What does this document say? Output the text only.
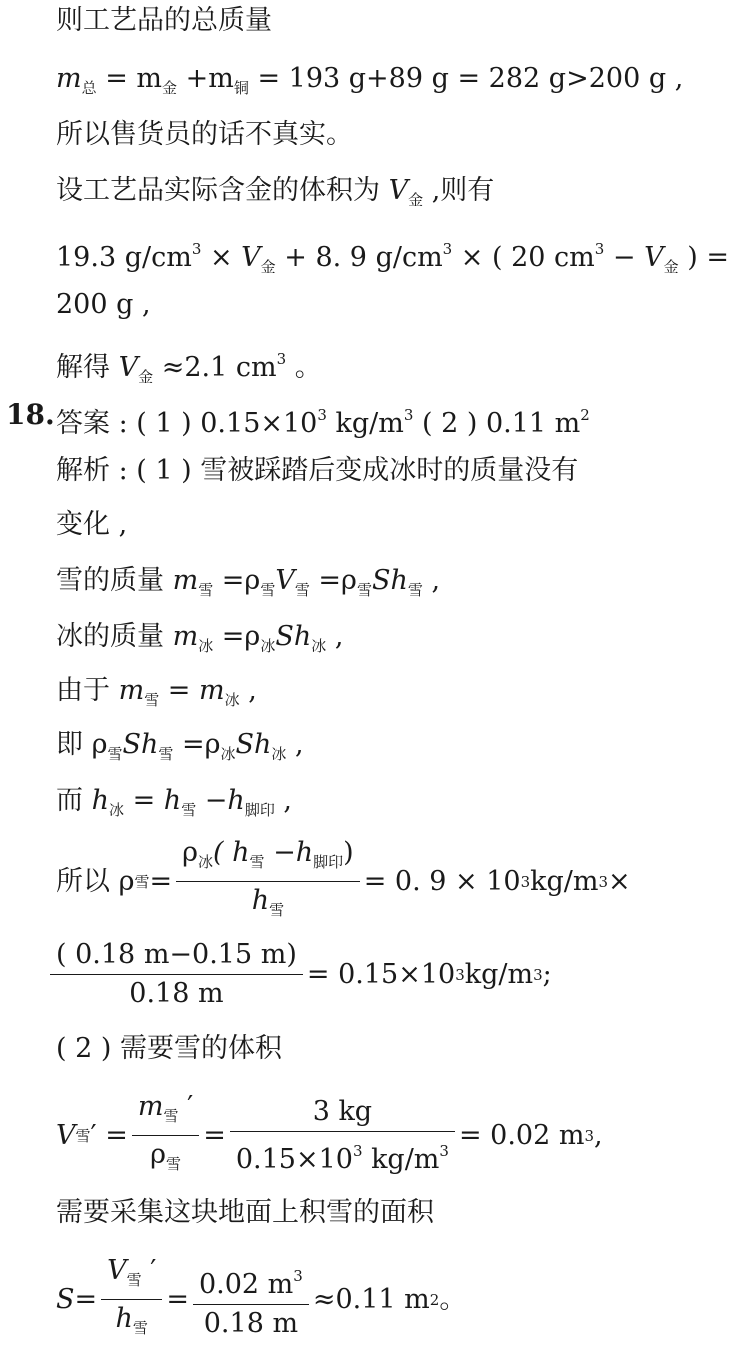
则工艺品的总质量
$m_总 = m_金 +m_铜 = 193$ g+89 g = 282 g>200 g ,
所以售货员的话不真实。
设工艺品实际含金的体积为 $V_金$ ,则有
19.3 $g/cm^3 \times V_金 + 8$. 9 $g/cm^3$ × ( 20 $cm^3 - V_金$ ) =
200 g ,
解得 $V_金 \approx 2.1$ $cm^3$ 。
18. 答案 : ( 1 ) $0.15\times 10^3$ $kg/m^3$ ( 2 ) 0.11 $m^2$
解析 : ( 1 ) 雪被踩踏后变成冰时的质量没有
变化 ,
雪的质量 $m_雪 =\rho_雪V_雪 =\rho_雪Sh_雪$ ,
冰的质量 $m_冰 =\rho_冰Sh_冰$ ,
由于 $m_雪 = m_冰$ ,
即 $\rho_雪Sh_雪 =\rho_冰Sh_冰$ ,
而 $h_冰 = h_雪 -h_{脚印}$ ,
所以 ρ 雪 = $\frac{\rho_冰( h_雪 -h_{脚印})}{h_雪} = 0$. 9 × 10 3 kg/m 3 ×
$\frac{( 0.18 m-0.15 m)}{0.18 m} = 0.15\times 10$ 3 kg/m 3 ;
( 2 ) 需要雪的体积
V 雪 ′ = $\frac{m_雪 '}{\rho_雪} = \frac{3 kg}{0.15\times 10^3 kg/m^3} = 0.02$ m 3 ,
需要采集这块地面上积雪的面积
$S = \frac{V_雪 '}{h_雪} = \frac{0.02 m^3}{0.18 m} \approx 0.11$ m 2 。
